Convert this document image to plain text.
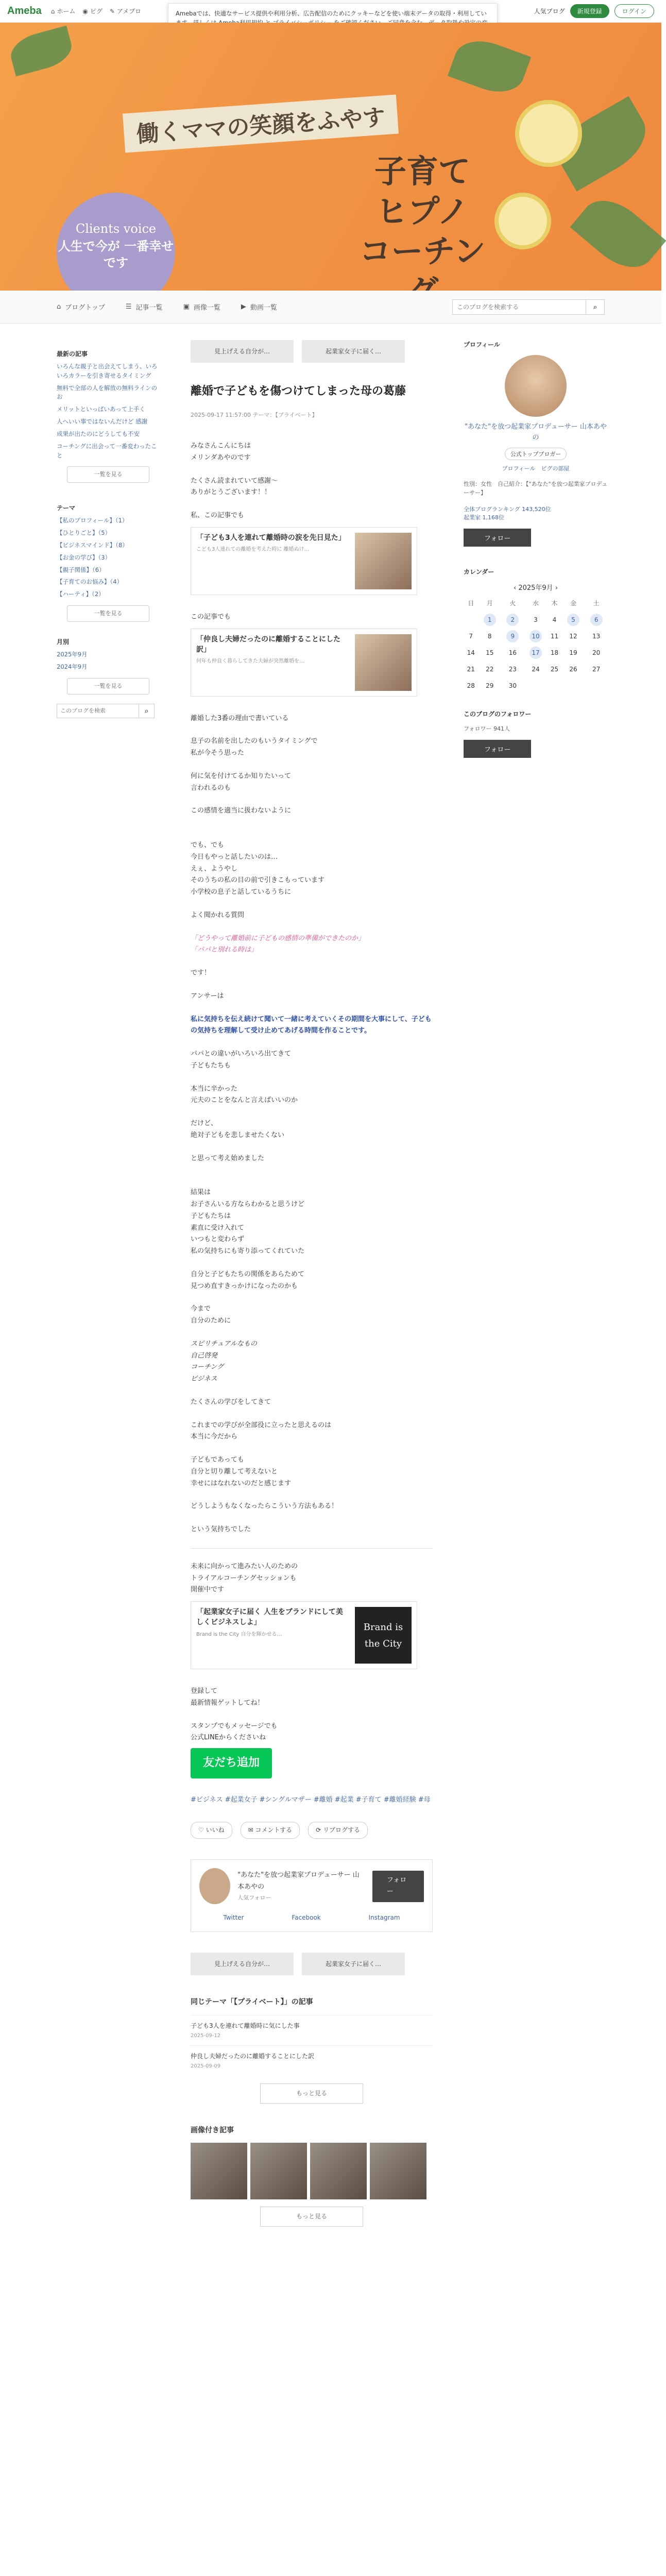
Ameba ⌂ ホーム ◉ ピグ ✎ アメブロ	人気ブログ	新規登録	ログイン
Amebaでは、快適なサービス提供や利用分析、広告配信のためにクッキーなどを使い端末データの取得・利用してい
働くママの笑顔をふやす
子育て ヒプノ コーチン
Clients voice
人生で今が 一番幸せです
⌂ ブログトップ	☰ 記事一覧	▣ 画像一覧	▶ 動画一覧
このブログを検索する	⌕
最新の記事
いろんな親子と出会えてしまう、いろいろカラーを引き寄せるタイミング
無料で全部の人を解放の無料ラインのお
メリットといっぱいあって上手く
人へいい事ではないんだけど 感謝
成果が出たのにどうしても不安
コーチングに出会って一番変わったこと
一覧を見る
テーマ
【私のプロフィール】（1）
【ひとりごと】（5）
【ビジネスマインド】（8）
【お金の学び】（3）
【親子関係】（6）
【子育てのお悩み】（4）
【ハーティ】（2）
一覧を見る
月別
2025年9月
2024年9月
一覧を見る
このブログを検索
⌕
見上げえる自分が…	起業家女子に届く…
離婚で子どもを傷つけてしまった母の葛藤
2025-09-17 11:57:00 テーマ：【プライベート】
みなさんこんにちは
メリンダあやのです
たくさん読まれていて感謝〜
ありがとうございます！！
私、この記事でも
「子ども3人を連れて離婚時の涙を先日見た」
こども3人連れての離婚を考えた時に 離婚ぬけ…
この記事でも
「仲良し夫婦だったのに離婚することにした訳」
何年も仲良く暮らしてきた夫婦が突然離婚を…
離婚した3番の理由で書いている
息子の名前を出したのもいうタイミングで
私が今そう思った
何に気を付けてるか知りたいって
言われるのも
この感情を適当に扱わないように
でも、でも
今日もやっと話したいのは…
えぇ、ようやし
そのうちの私の目の前で引きこもっています
小学校の息子と話しているうちに
よく聞かれる質問
「どうやって離婚前に子どもの感情の準備ができたのか」
「パパと別れる時は」
です！
アンサーは
私に気持ちを伝え続けて聞いて一緒に考えていくその期間を大事にして、子どもの気持ちを理解して受け止めてあげる時間を作ることです。
パパとの違いがいろいろ出てきて
子どもたちも
本当に辛かった
元夫のことをなんと言えばいいのか
だけど、
絶対子どもを悲しませたくない
と思って考え始めました
結果は
お子さんいる方ならわかると思うけど
子どもたちは
素直に受け入れて
いつもと変わらず
私の気持ちにも寄り添ってくれていた
自分と子どもたちの関係をあらためて
見つめ直すきっかけになったのかも
今まで
自分のために
スピリチュアルなもの
自己啓発
コーチング
ビジネス
たくさんの学びをしてきて
これまでの学びが全部役に立ったと思えるのは
本当に今だから
子どもであっても
自分と切り離して考えないと
幸せにはなれないのだと感じます
どうしようもなくなったらこういう方法もある！
という気持ちでした
未来に向かって進みたい人のための
トライアルコーチングセッションも
開催中です
「起業家女子に届く 人生をブランドにして美しくビジネスしよ」
Brand is the City 自分を輝かせる…
Brand is the City
登録して
最新情報ゲットしてね！
スタンプでもメッセージでも
公式LINEからくださいね
友だち追加
#ビジネス #起業女子 #シングルマザー #離婚 #起業 #子育て #離婚経験 #母
♡ いいね	✉ コメントする	⟳ リブログする
"あなた"を放つ起業家プロデューサー 山本あやの
人気フォロー
フォロー
Twitter	Facebook	Instagram
見上げえる自分が…	起業家女子に届く…
同じテーマ「【プライベート】」の記事
子ども3人を連れて離婚時に気にした事
2025-09-12
仲良し夫婦だったのに離婚することにした訳
2025-09-09
もっと見る
画像付き記事
もっと見る
プロフィール
"あなた"を放つ起業家プロデューサー 山本あやの
公式トップブロガー
プロフィール　ピグの部屋
性別：女性　自己紹介：【"あなた"を放つ起業家プロデューサー】
全体ブログランキング 143,520位
起業家 1,168位
フォロー
カレンダー
‹ 2025年9月 ›
日	月	火	水	木	金	土
	1	2	3	4	5	6
7	8	9	10	11	12	13
14	15	16	17	18	19	20
21	22	23	24	25	26	27
28	29	30				
このブログのフォロワー
フォロワー 941人
フォロー
